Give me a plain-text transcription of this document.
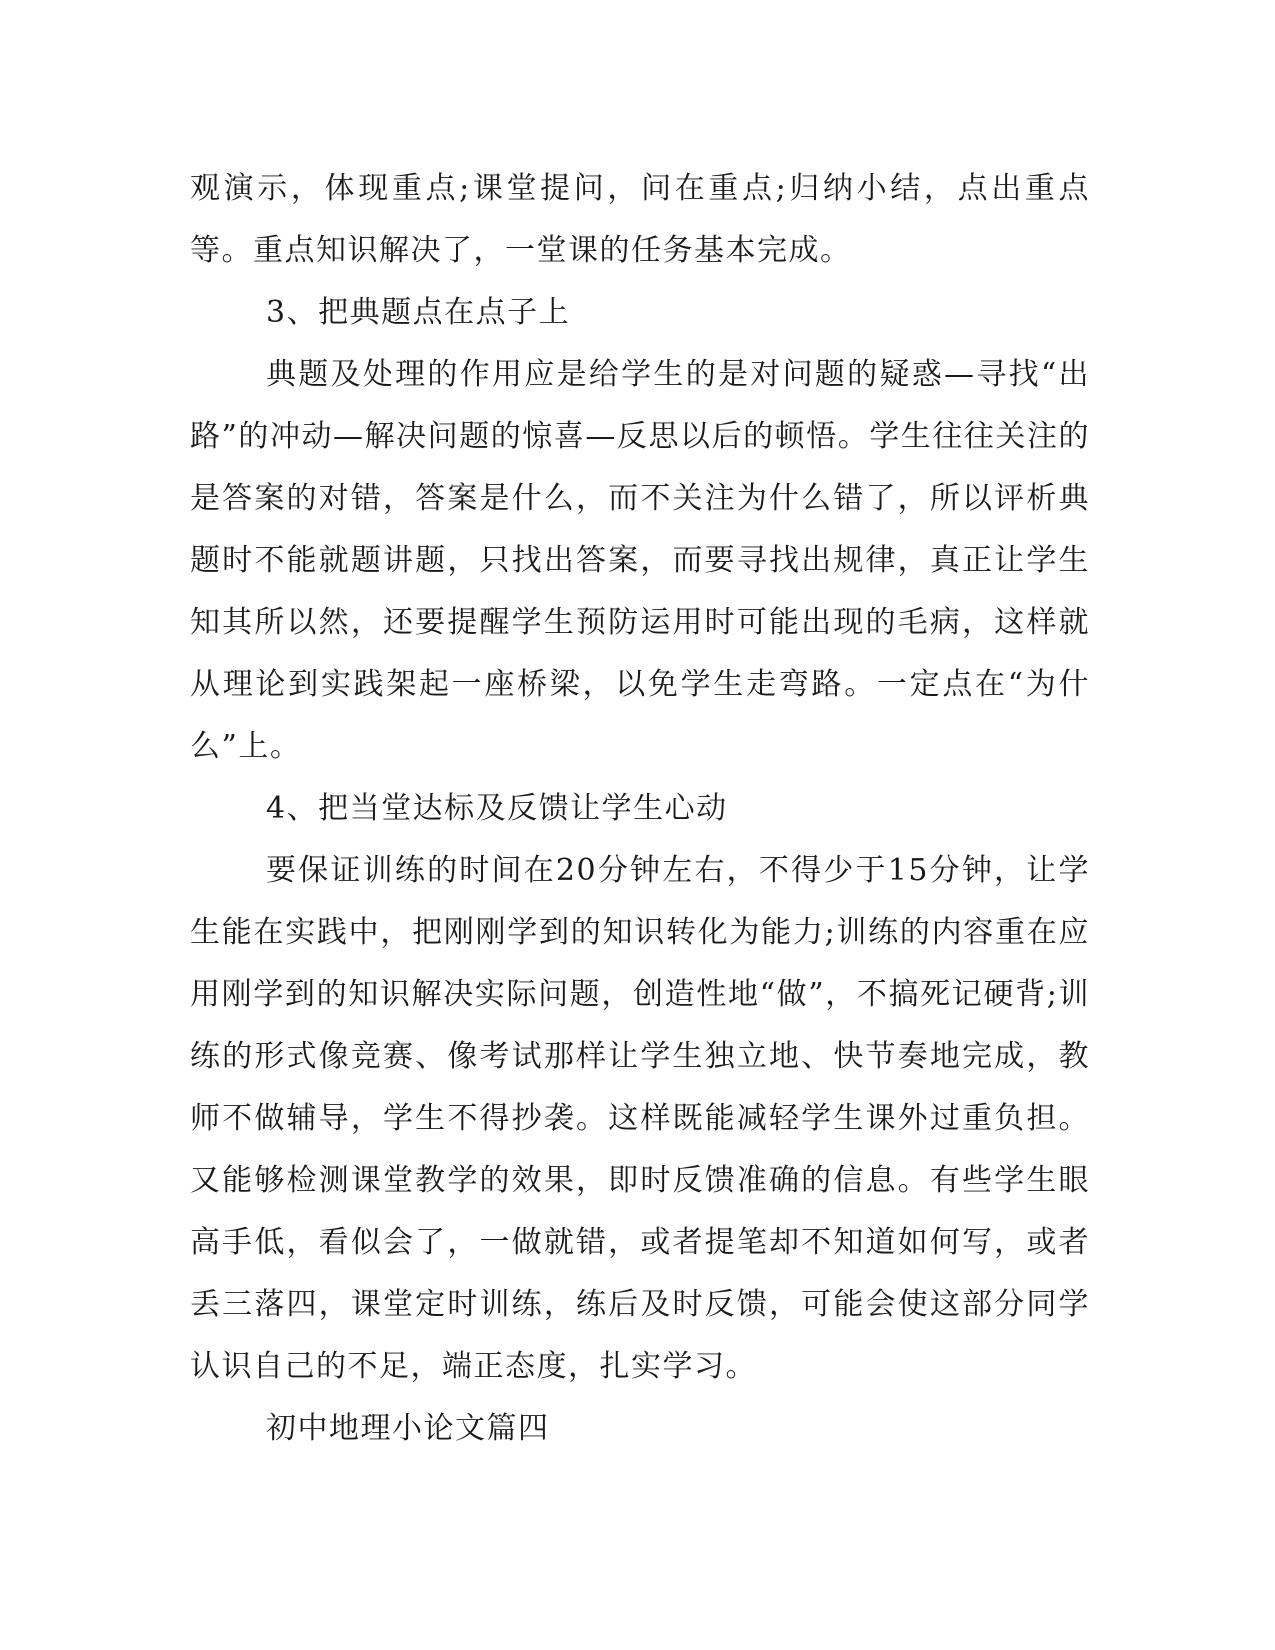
观演示，体现重点;课堂提问，问在重点;归纳小结，点出重点等。重点知识解决了，一堂课的任务基本完成。

3、把典题点在点子上

典题及处理的作用应是给学生的是对问题的疑惑—寻找“出路”的冲动—解决问题的惊喜—反思以后的顿悟。学生往往关注的是答案的对错，答案是什么，而不关注为什么错了，所以评析典题时不能就题讲题，只找出答案，而要寻找出规律，真正让学生知其所以然，还要提醒学生预防运用时可能出现的毛病，这样就从理论到实践架起一座桥梁，以免学生走弯路。一定点在“为什么”上。

4、把当堂达标及反馈让学生心动

要保证训练的时间在20分钟左右，不得少于15分钟，让学生能在实践中，把刚刚学到的知识转化为能力;训练的内容重在应用刚学到的知识解决实际问题，创造性地“做”，不搞死记硬背;训练的形式像竞赛、像考试那样让学生独立地、快节奏地完成，教师不做辅导，学生不得抄袭。这样既能减轻学生课外过重负担。又能够检测课堂教学的效果，即时反馈准确的信息。有些学生眼高手低，看似会了，一做就错，或者提笔却不知道如何写，或者丢三落四，课堂定时训练，练后及时反馈，可能会使这部分同学认识自己的不足，端正态度，扎实学习。

初中地理小论文篇四
